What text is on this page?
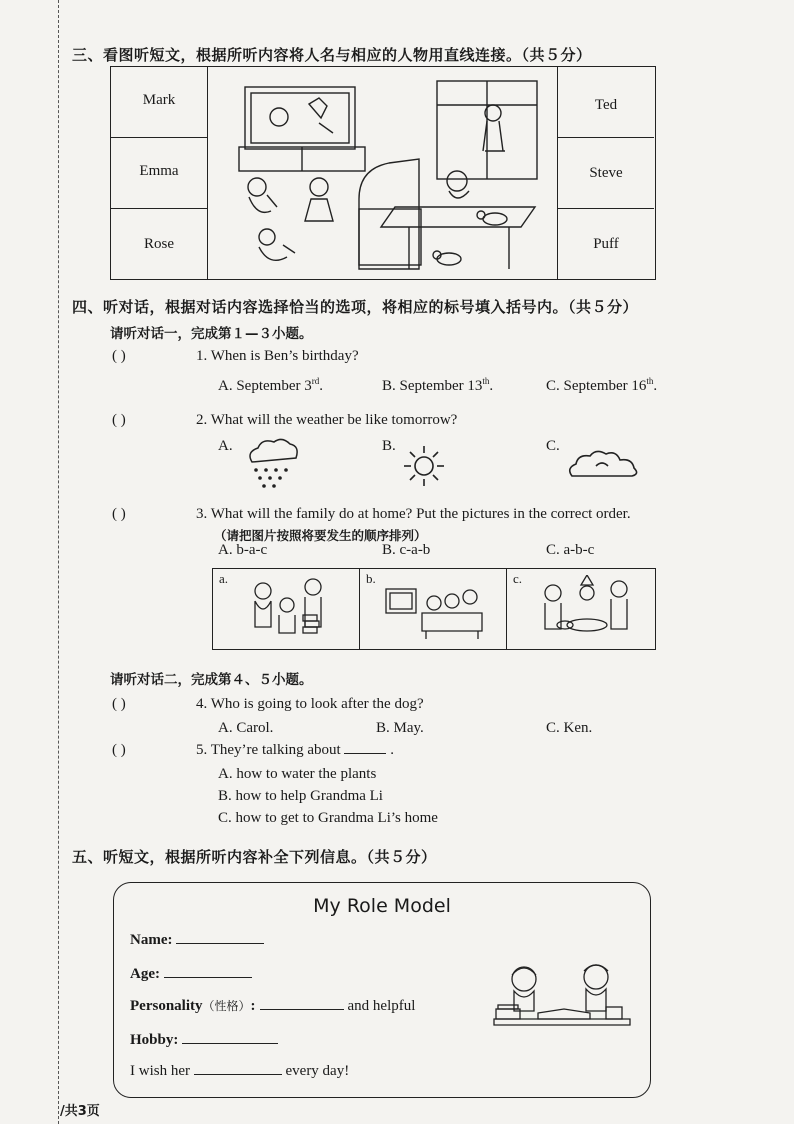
三、看图听短文，根据所听内容将人名与相应的人物用直线连接。（共５分）
Mark
Emma
Rose
Ted
Steve
Puff
四、听对话，根据对话内容选择恰当的选项，将相应的标号填入括号内。（共５分）
请听对话一，完成第１—３小题。
( )	1. When is Ben’s birthday?
A. September 3rd.	B. September 13th.	C. September 16th.
( )	2. What will the weather be like tomorrow?
A.	B.	C.
( )	3. What will the family do at home? Put the pictures in the correct order.
（请把图片按照将要发生的顺序排列）
A. b-a-c	B. c-a-b	C. a-b-c
a.	b.	c.
请听对话二，完成第４、５小题。
( )	4. Who is going to look after the dog?
A. Carol.	B. May.	C. Ken.
( )	5. They’re talking about	.
A. how to water the plants
B. how to help Grandma Li
C. how to get to Grandma Li’s home
五、听短文，根据所听内容补全下列信息。（共５分）
My Role Model
Name:
Age:
Personality（性格）:	and helpful
Hobby:
I wish her	every day!
/共3页
